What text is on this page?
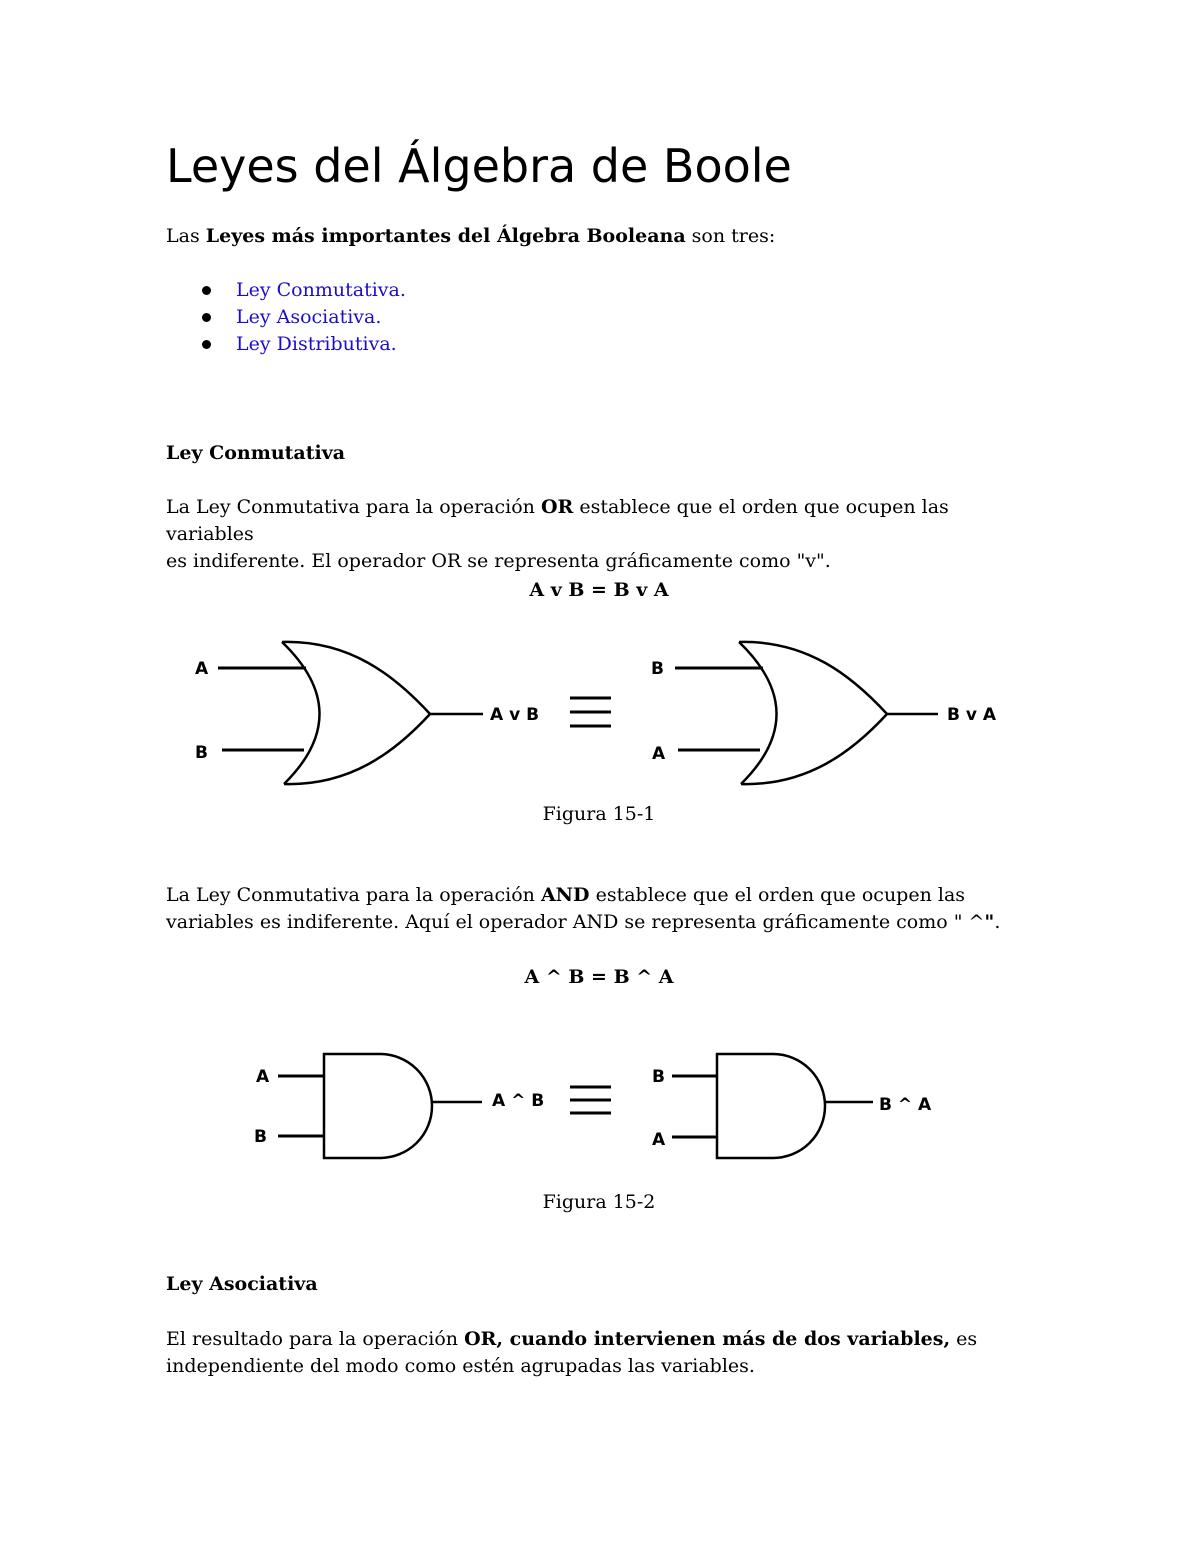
Leyes del Álgebra de Boole

Las Leyes más importantes del Álgebra Booleana son tres:

Ley Conmutativa.
Ley Asociativa.
Ley Distributiva.
Ley Conmutativa

La Ley Conmutativa para la operación OR establece que el orden que ocupen las variables
es indiferente. El operador OR se representa gráficamente como "v".

A v B = B v A
A
B
A v B
B
A
B v A
Figura 15-1

La Ley Conmutativa para la operación AND establece que el orden que ocupen las
variables es indiferente. Aquí el operador AND se representa gráficamente como " ^".

A ^ B = B ^ A
A
B
A ^ B
B
A
B ^ A
Figura 15-2
Ley Asociativa

El resultado para la operación OR, cuando intervienen más de dos variables, es
independiente del modo como estén agrupadas las variables.
